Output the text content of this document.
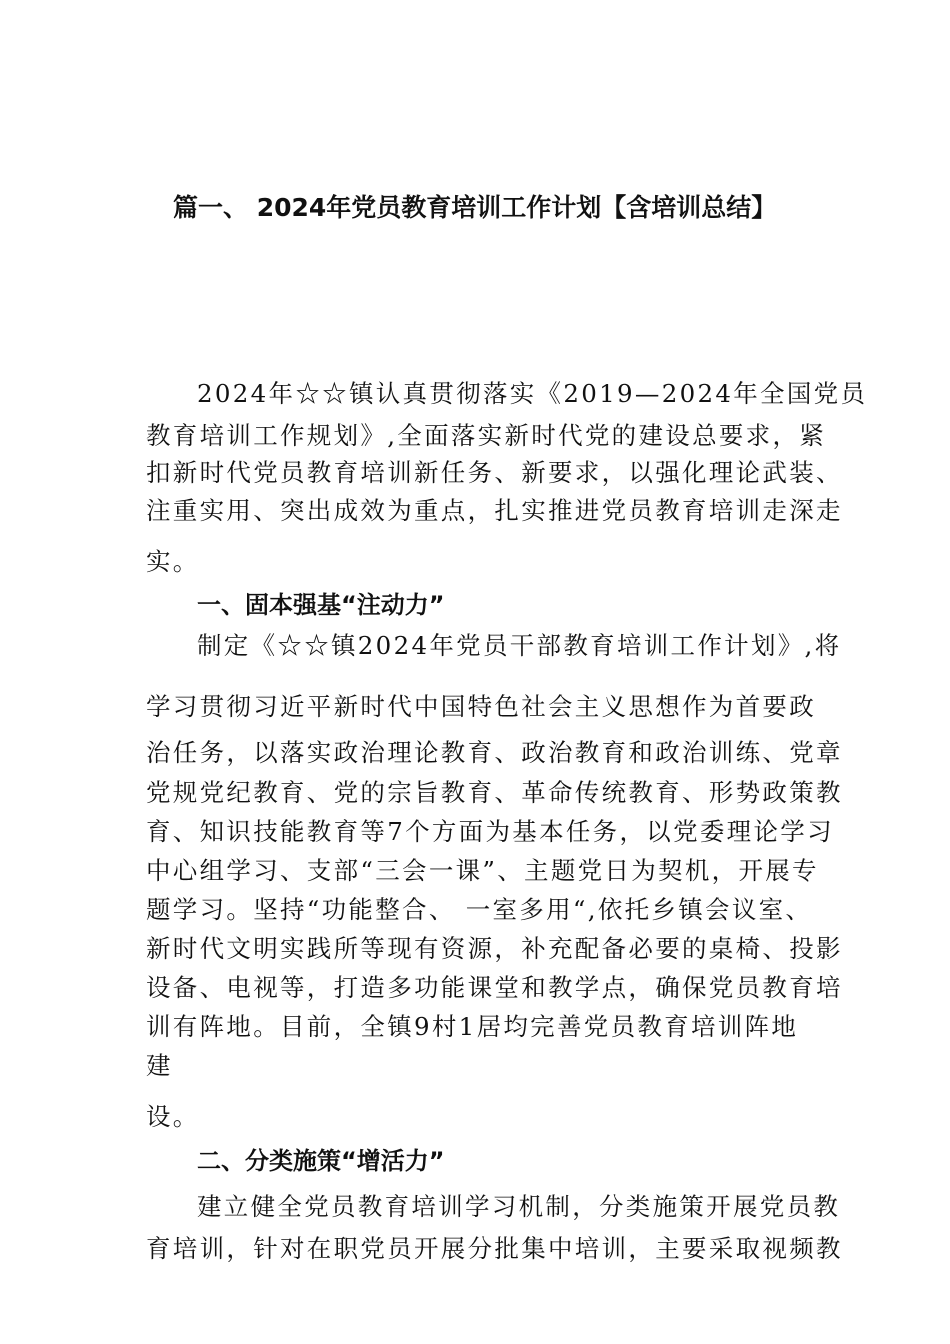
篇一、 2024年党员教育培训工作计划【含培训总结】

2024年☆☆镇认真贯彻落实《2019—2024年全国党员

教育培训工作规划》,全面落实新时代党的建设总要求，紧

扣新时代党员教育培训新任务、新要求，以强化理论武装、

注重实用、突出成效为重点，扎实推进党员教育培训走深走

实。

一、固本强基“注动力”

制定《☆☆镇2024年党员干部教育培训工作计划》,将

学习贯彻习近平新时代中国特色社会主义思想作为首要政

治任务，以落实政治理论教育、政治教育和政治训练、党章

党规党纪教育、党的宗旨教育、革命传统教育、形势政策教

育、知识技能教育等7个方面为基本任务，以党委理论学习

中心组学习、支部“三会一课”、主题党日为契机，开展专

题学习。坚持“功能整合、 一室多用“,依托乡镇会议室、

新时代文明实践所等现有资源，补充配备必要的桌椅、投影

设备、电视等，打造多功能课堂和教学点，确保党员教育培

训有阵地。目前，全镇9村1居均完善党员教育培训阵地

建

设。

二、分类施策“增活力”

建立健全党员教育培训学习机制，分类施策开展党员教

育培训，针对在职党员开展分批集中培训，主要采取视频教
